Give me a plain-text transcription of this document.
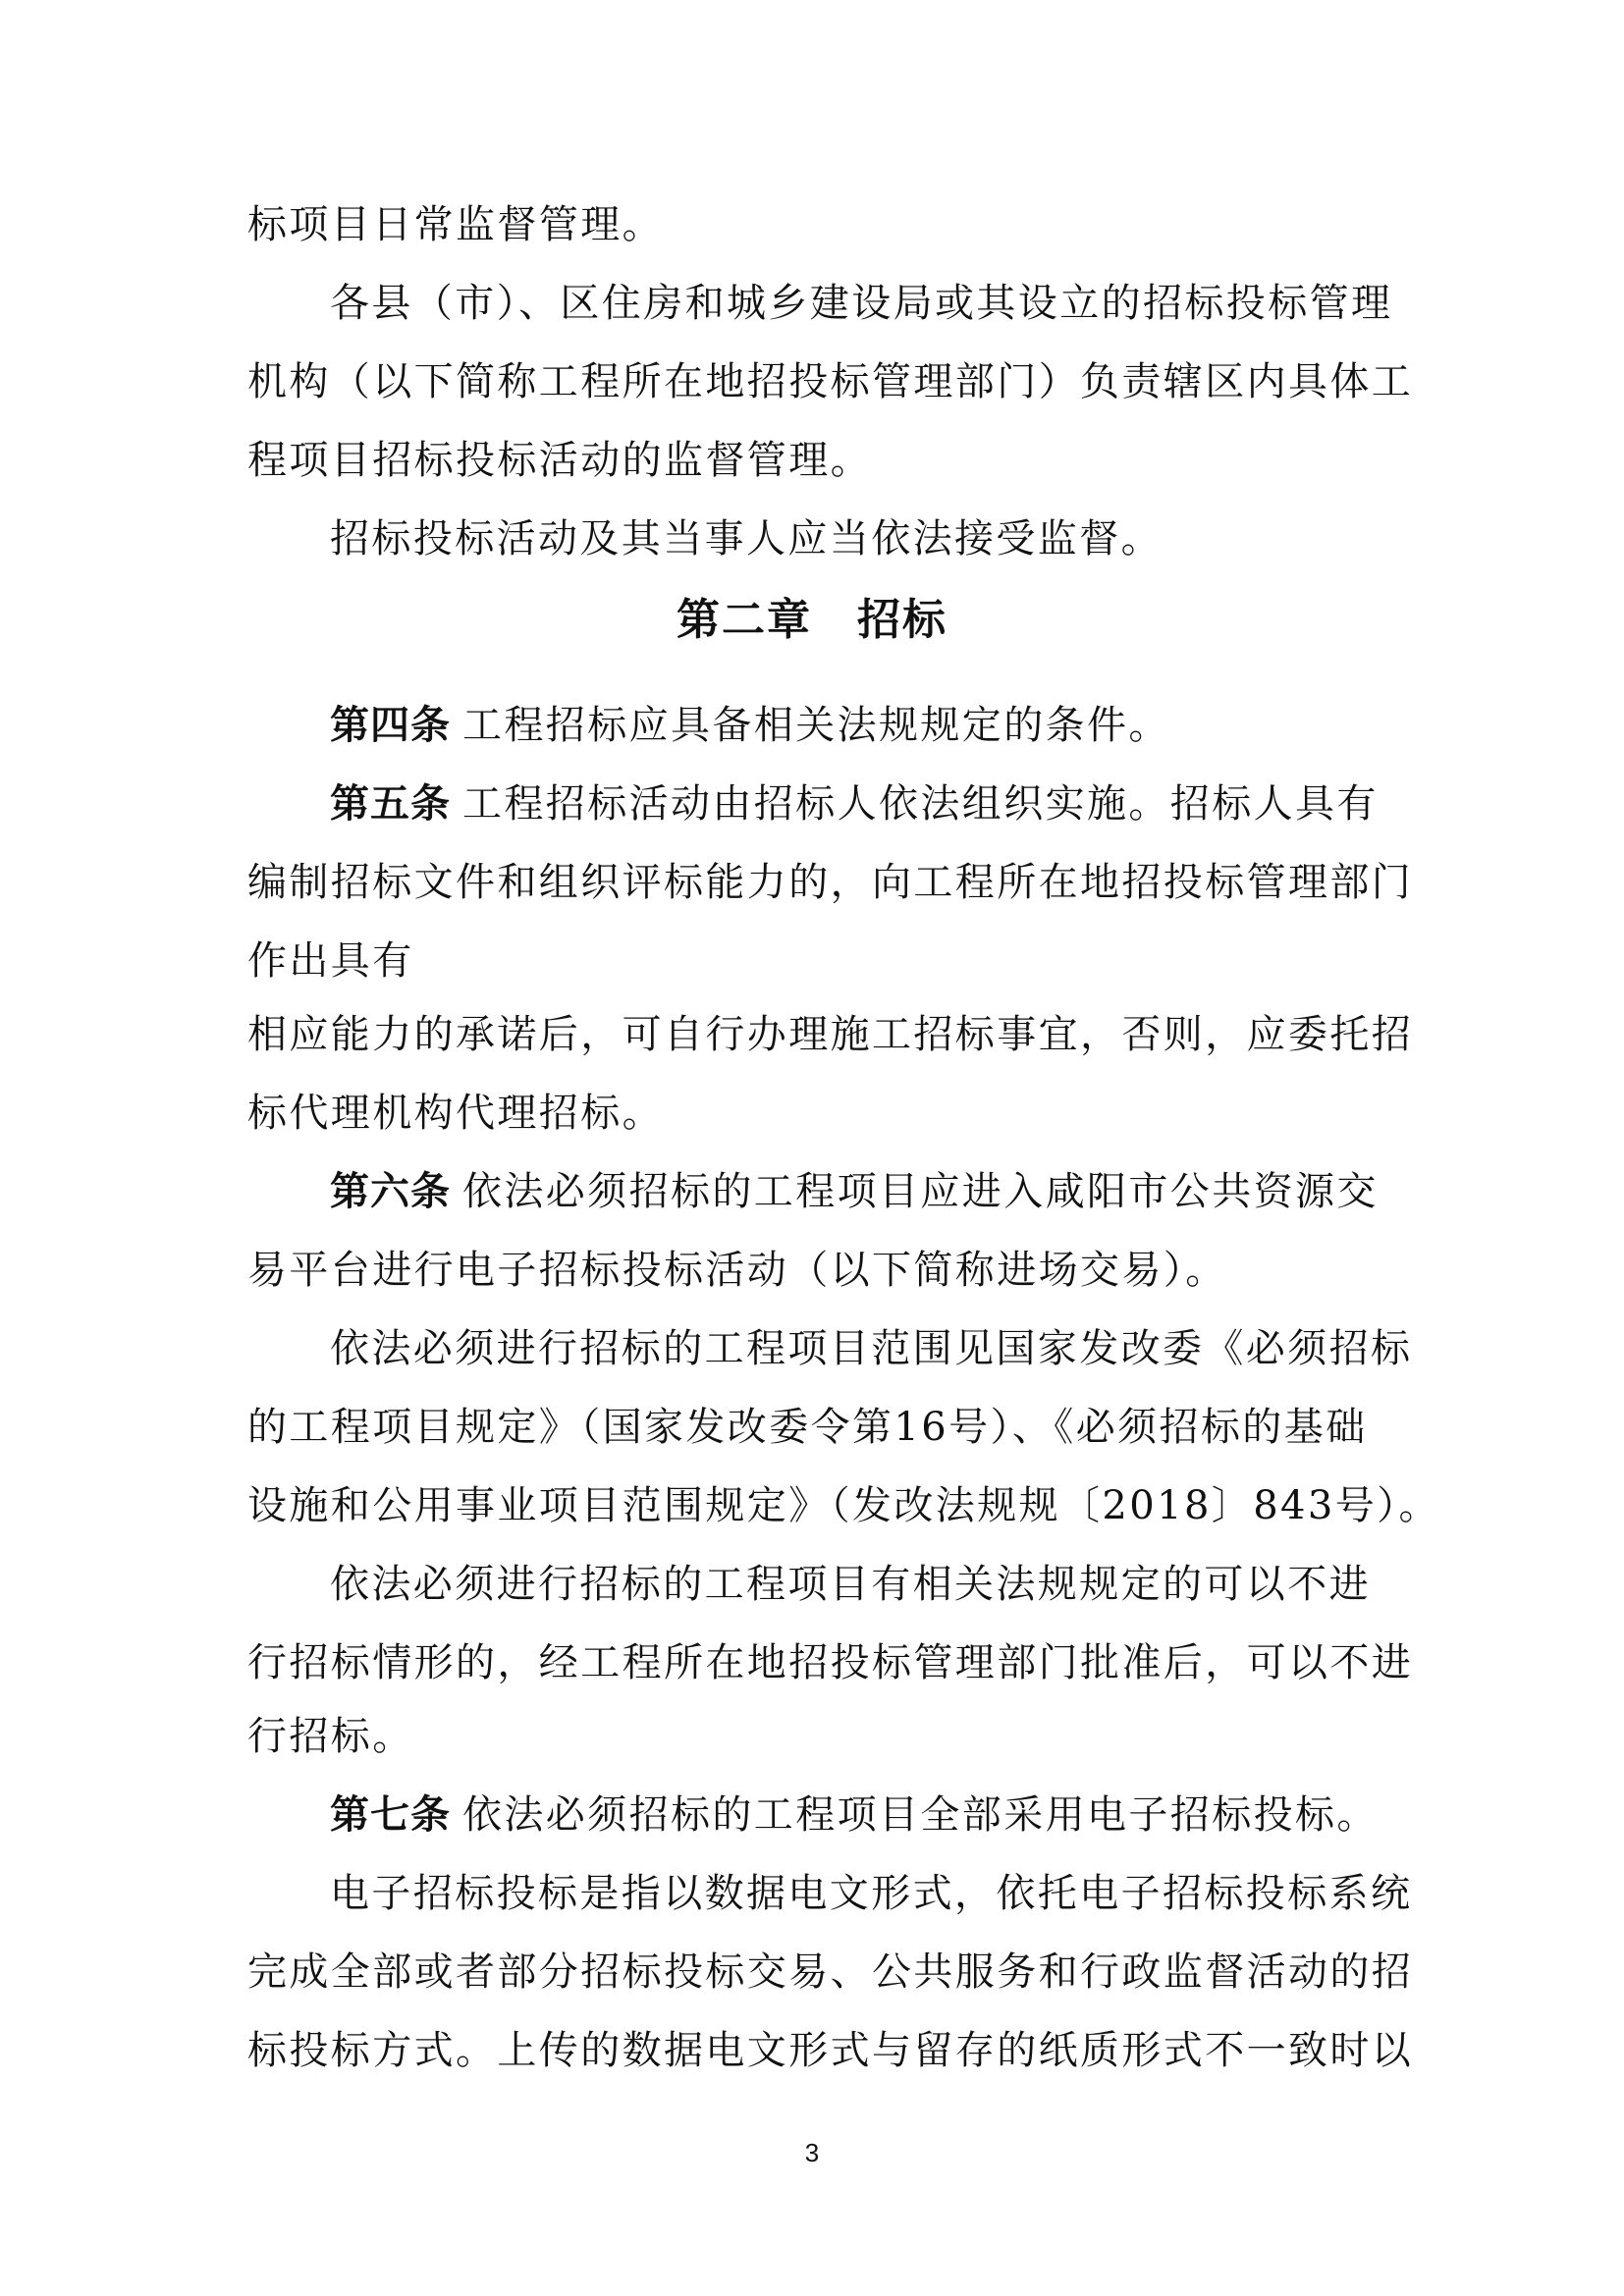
标项目日常监督管理。
各县（市）、区住房和城乡建设局或其设立的招标投标管理
机构（以下简称工程所在地招投标管理部门）负责辖区内具体工
程项目招标投标活动的监督管理。
招标投标活动及其当事人应当依法接受监督。
第二章　招标
第四条 工程招标应具备相关法规规定的条件。
第五条 工程招标活动由招标人依法组织实施。招标人具有
编制招标文件和组织评标能力的，向工程所在地招投标管理部门
作出具有
相应能力的承诺后，可自行办理施工招标事宜，否则，应委托招
标代理机构代理招标。
第六条 依法必须招标的工程项目应进入咸阳市公共资源交
易平台进行电子招标投标活动（以下简称进场交易）。
依法必须进行招标的工程项目范围见国家发改委《必须招标
的工程项目规定》（国家发改委令第16号）、《必须招标的基础
设施和公用事业项目范围规定》（发改法规规〔2018〕843号）。
依法必须进行招标的工程项目有相关法规规定的可以不进
行招标情形的，经工程所在地招投标管理部门批准后，可以不进
行招标。
第七条 依法必须招标的工程项目全部采用电子招标投标。
电子招标投标是指以数据电文形式，依托电子招标投标系统
完成全部或者部分招标投标交易、公共服务和行政监督活动的招
标投标方式。上传的数据电文形式与留存的纸质形式不一致时以
3
